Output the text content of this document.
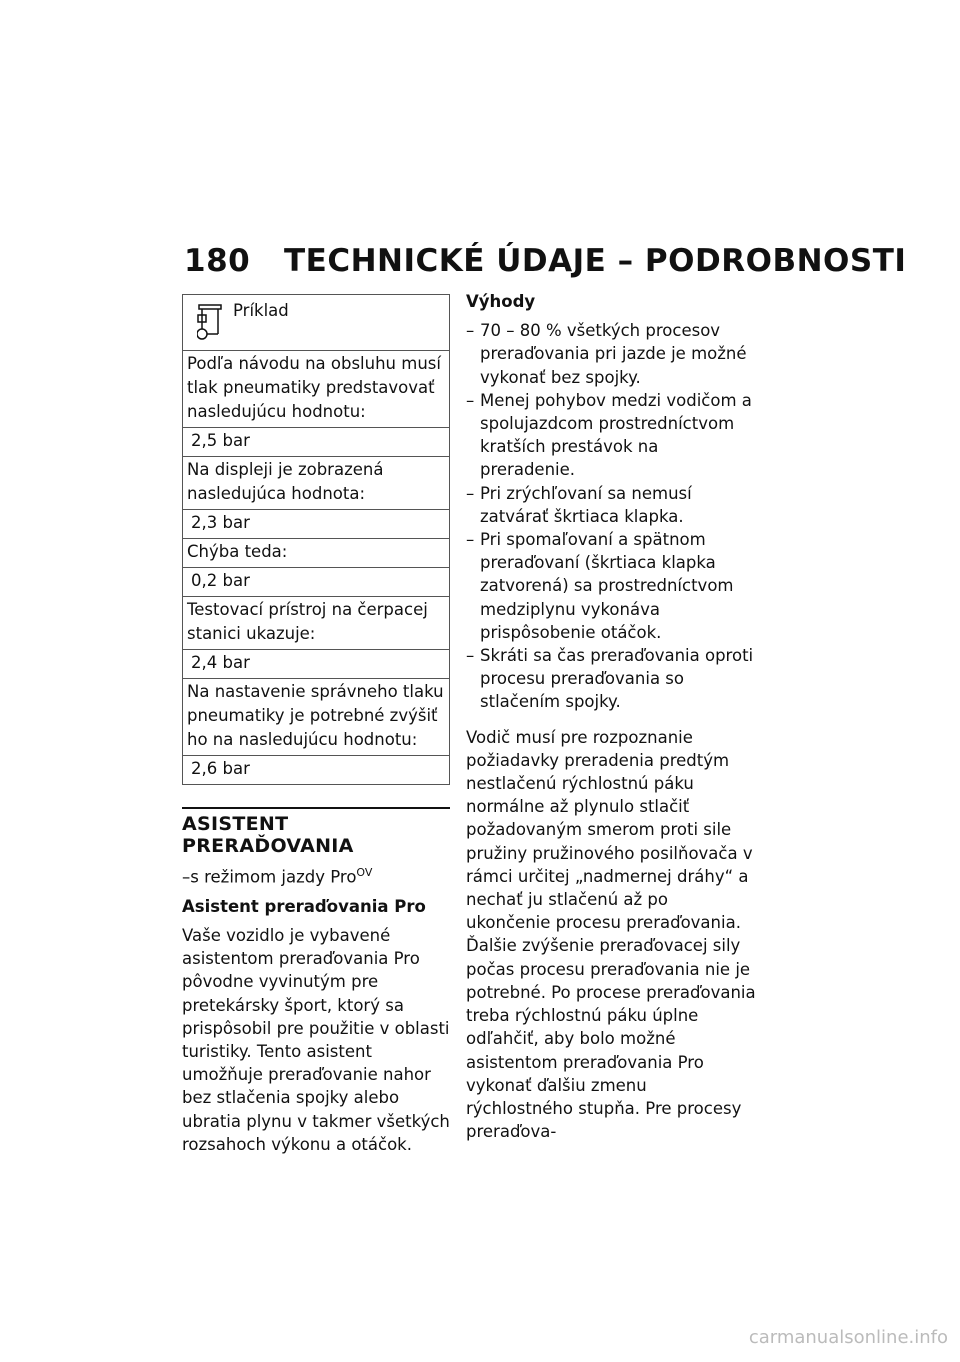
180 TECHNICKÉ ÚDAJE – PODROBNOSTI
Príklad

Podľa návodu na obsluhu musí tlak pneumatiky predstavovať nasledujúcu hodnotu:
2,5 bar
Na displeji je zobrazená nasledujúca hodnota:
2,3 bar
Chýba teda:
0,2 bar
Testovací prístroj na čerpacej stanici ukazuje:
2,4 bar
Na nastavenie správneho tlaku pneumatiky je potrebné zvýšiť ho na nasledujúcu hodnotu:
2,6 bar
ASISTENT PRERAĎOVANIA

–s režimom jazdy Pro$^{OV}$

Asistent preraďovania Pro

Vaše vozidlo je vybavené asistentom preraďovania Pro pôvodne vyvinutým pre pretekársky šport, ktorý sa prispôsobil pre použitie v oblasti turistiky. Tento asistent umožňuje preraďovanie nahor bez stlačenia spojky alebo ubratia plynu v takmer všetkých rozsahoch výkonu a otáčok.

Výhody

– 70 – 80 % všetkých procesov preraďovania pri jazde je možné vykonať bez spojky.
– Menej pohybov medzi vodičom a spolujazdcom prostredníctvom kratších prestávok na preradenie.
– Pri zrýchľovaní sa nemusí zatvárať škrtiaca klapka.
– Pri spomaľovaní a spätnom preraďovaní (škrtiaca klapka zatvorená) sa prostredníctvom medziplynu vykonáva prispôsobenie otáčok.
– Skráti sa čas preraďovania oproti procesu preraďovania so stlačením spojky.

Vodič musí pre rozpoznanie požiadavky preradenia predtým nestlačenú rýchlostnú páku normálne až plynulo stlačiť požadovaným smerom proti sile pružiny pružinového posilňovača v rámci určitej „nadmernej dráhy“ a nechať ju stlačenú až po ukončenie procesu preraďovania. Ďalšie zvýšenie preraďovacej sily počas procesu preraďovania nie je potrebné. Po procese preraďovania treba rýchlostnú páku úplne odľahčiť, aby bolo možné asistentom preraďovania Pro vykonať ďalšiu zmenu rýchlostného stupňa. Pre procesy preraďova-

carmanualsonline.info
